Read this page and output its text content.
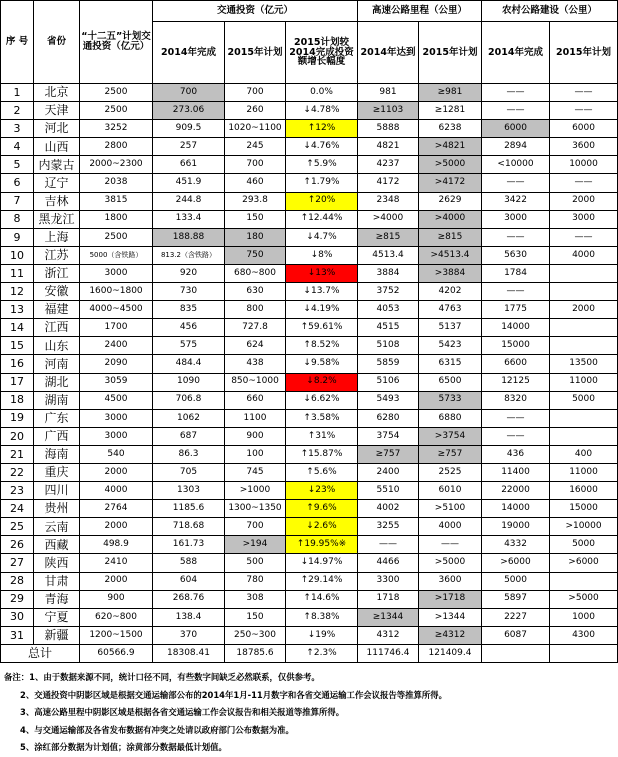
序 号	省份	“十二五”计划交通投资（亿元）	交通投资（亿元）			高速公路里程（公里）		农村公路建设（公里）	
			2014年完成	2015年计划	2015计划较2014完成投资额增长幅度	2014年达到	2015年计划	2014年完成	2015年计划
1	北京	2500	700	700	0.0%	981	≥981	——	——
2	天津	2500	273.06	260	↓4.78%	≥1103	≥1281	——	——
3	河北	3252	909.5	1020~1100	↑12%	5888	6238	6000	6000
4	山西	2800	257	245	↓4.76%	4821	>4821	2894	3600
5	内蒙古	2000~2300	661	700	↑5.9%	4237	>5000	<10000	10000
6	辽宁	2038	451.9	460	↑1.79%	4172	>4172	——	——
7	吉林	3815	244.8	293.8	↑20%	2348	2629	3422	2000
8	黑龙江	1800	133.4	150	↑12.44%	>4000	>4000	3000	3000
9	上海	2500	188.88	180	↓4.7%	≥815	≥815	——	——
10	江苏	5000（含铁路）	813.2（含铁路）	750	↓8%	4513.4	>4513.4	5630	4000
11	浙江	3000	920	680~800	↓13%	3884	>3884	1784	
12	安徽	1600~1800	730	630	↓13.7%	3752	4202	——	
13	福建	4000~4500	835	800	↓4.19%	4053	4763	1775	2000
14	江西	1700	456	727.8	↑59.61%	4515	5137	14000	
15	山东	2400	575	624	↑8.52%	5108	5423	15000	
16	河南	2090	484.4	438	↓9.58%	5859	6315	6600	13500
17	湖北	3059	1090	850~1000	↓8.2%	5106	6500	12125	11000
18	湖南	4500	706.8	660	↓6.62%	5493	5733	8320	5000
19	广东	3000	1062	1100	↑3.58%	6280	6880	——	
20	广西	3000	687	900	↑31%	3754	>3754	——	
21	海南	540	86.3	100	↑15.87%	≥757	≥757	436	400
22	重庆	2000	705	745	↑5.6%	2400	2525	11400	11000
23	四川	4000	1303	>1000	↓23%	5510	6010	22000	16000
24	贵州	2764	1185.6	1300~1350	↑9.6%	4002	>5100	14000	15000
25	云南	2000	718.68	700	↓2.6%	3255	4000	19000	>10000
26	西藏	498.9	161.73	>194	↑19.95%※	——	——	4332	5000
27	陕西	2410	588	500	↓14.97%	4466	>5000	>6000	>6000
28	甘肃	2000	604	780	↑29.14%	3300	3600	5000	
29	青海	900	268.76	308	↑14.6%	1718	>1718	5897	>5000
30	宁夏	620~800	138.4	150	↑8.38%	≥1344	>1344	2227	1000
31	新疆	1200~1500	370	250~300	↓19%	4312	≥4312	6087	4300
总计		60566.9	18308.41	18785.6	↑2.3%	111746.4	121409.4		
备注：1、由于数据来源不同，统计口径不同，有些数字间缺乏必然联系，仅供参考。
2、交通投资中阴影区域是根据交通运输部公布的2014年1月-11月数字和各省交通运输工作会议报告等推算所得。
3、高速公路里程中阴影区域是根据各省交通运输工作会议报告和相关报道等推算所得。
4、与交通运输部及各省发布数据有冲突之处请以政府部门公布数据为准。
5、涂红部分数据为计划值；涂黄部分数据最低计划值。
